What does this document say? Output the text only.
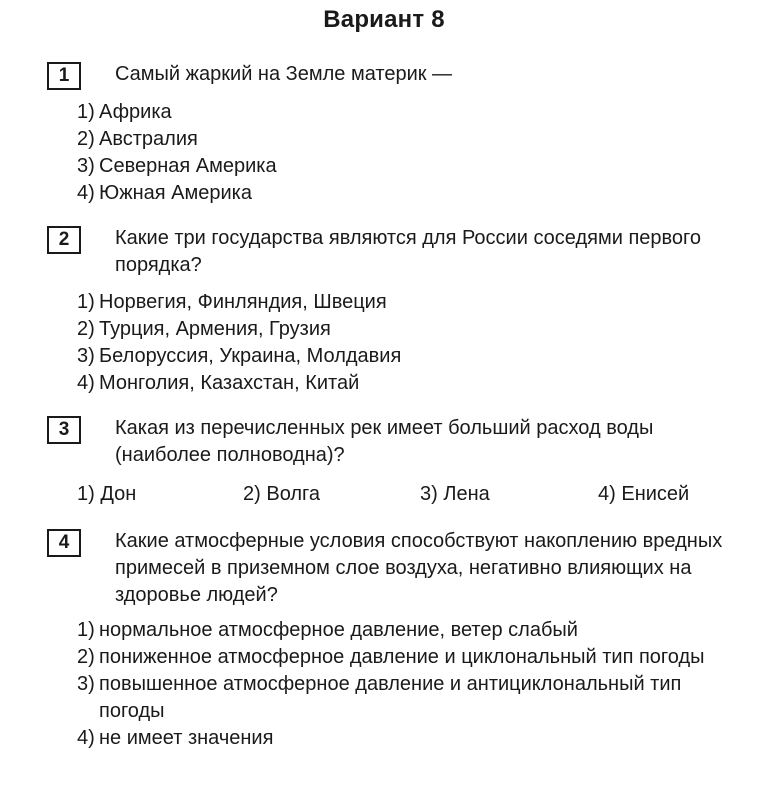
Вариант 8
1	Самый жаркий на Земле материк —
1) Африка
2) Австралия
3) Северная Америка
4) Южная Америка
2	Какие три государства являются для России соседями первого порядка?
1) Норвегия, Финляндия, Швеция
2) Турция, Армения, Грузия
3) Белоруссия, Украина, Молдавия
4) Монголия, Казахстан, Китай
3	Какая из перечисленных рек имеет больший расход воды (наиболее полноводна)?
1) Дон	2) Волга	3) Лена	4) Енисей
4	Какие атмосферные условия способствуют накоплению вредных примесей в приземном слое воздуха, негативно влияющих на здоровье людей?
1) нормальное атмосферное давление, ветер слабый
2) пониженное атмосферное давление и циклональный тип погоды
3) повышенное атмосферное давление и антициклональный тип погоды
4) не имеет значения
